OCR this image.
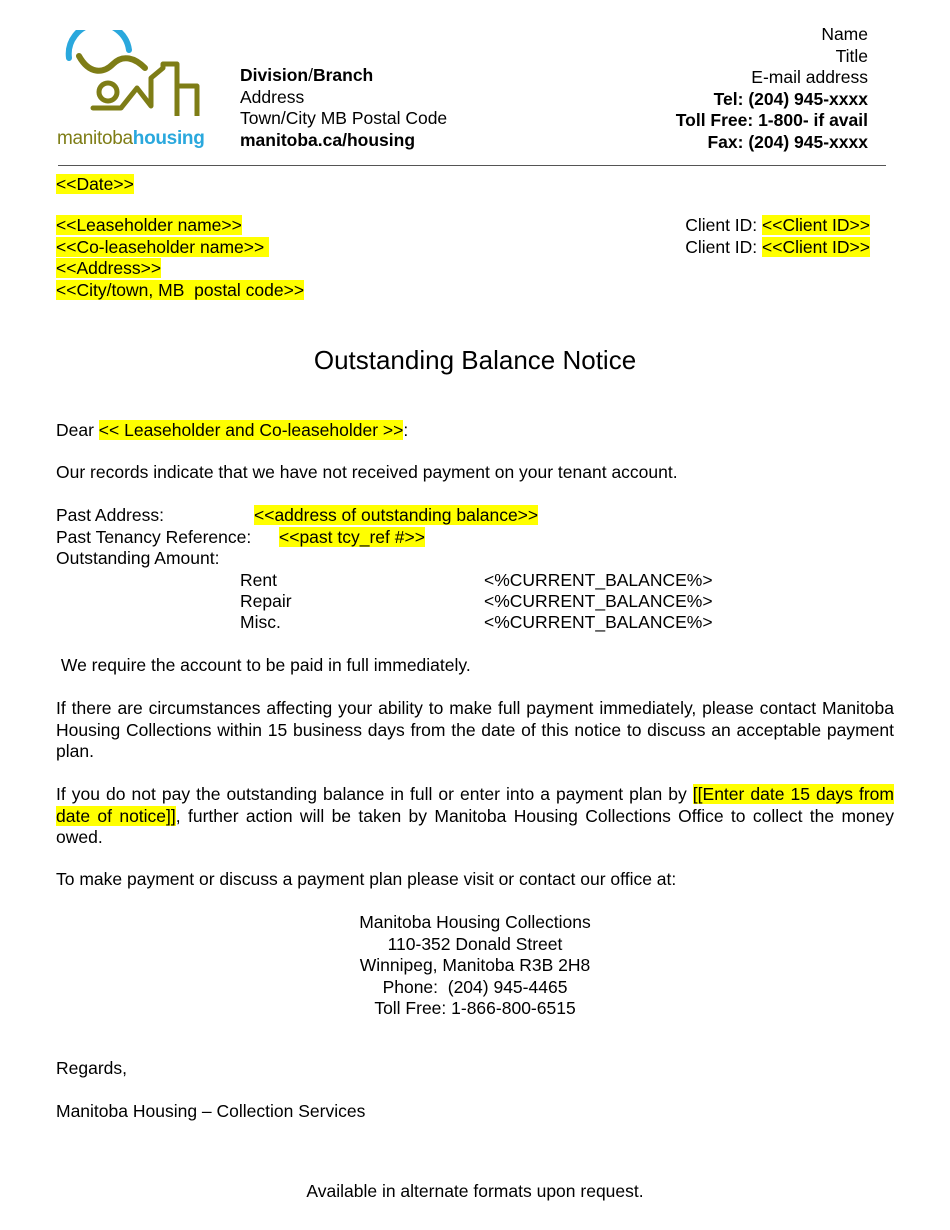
manitobahousing
Division/Branch
Address
Town/City MB Postal Code
manitoba.ca/housing
Name
Title
E-mail address
Tel: (204) 945-xxxx
Toll Free: 1-800- if avail
Fax: (204) 945-xxxx
<<Date>>
<<Leaseholder name>>
<<Co-leaseholder name>>
<<Address>>
<<City/town, MB  postal code>>
Client ID: <<Client ID>>
Client ID: <<Client ID>>
Outstanding Balance Notice
Dear << Leaseholder and Co-leaseholder >>:
Our records indicate that we have not received payment on your tenant account.
Past Address:	<<address of outstanding balance>>
Past Tenancy Reference: <<past tcy_ref #>>
Outstanding Amount:
Rent	<%CURRENT_BALANCE%>
Repair	<%CURRENT_BALANCE%>
Misc.	<%CURRENT_BALANCE%>
We require the account to be paid in full immediately.
If there are circumstances affecting your ability to make full payment immediately, please contact Manitoba Housing Collections within 15 business days from the date of this notice to discuss an acceptable payment plan.
If you do not pay the outstanding balance in full or enter into a payment plan by [[Enter date 15 days from date of notice]], further action will be taken by Manitoba Housing Collections Office to collect the money owed.
To make payment or discuss a payment plan please visit or contact our office at:
Manitoba Housing Collections
110-352 Donald Street
Winnipeg, Manitoba R3B 2H8
Phone:  (204) 945-4465
Toll Free: 1-866-800-6515
Regards,
Manitoba Housing – Collection Services
Available in alternate formats upon request.
